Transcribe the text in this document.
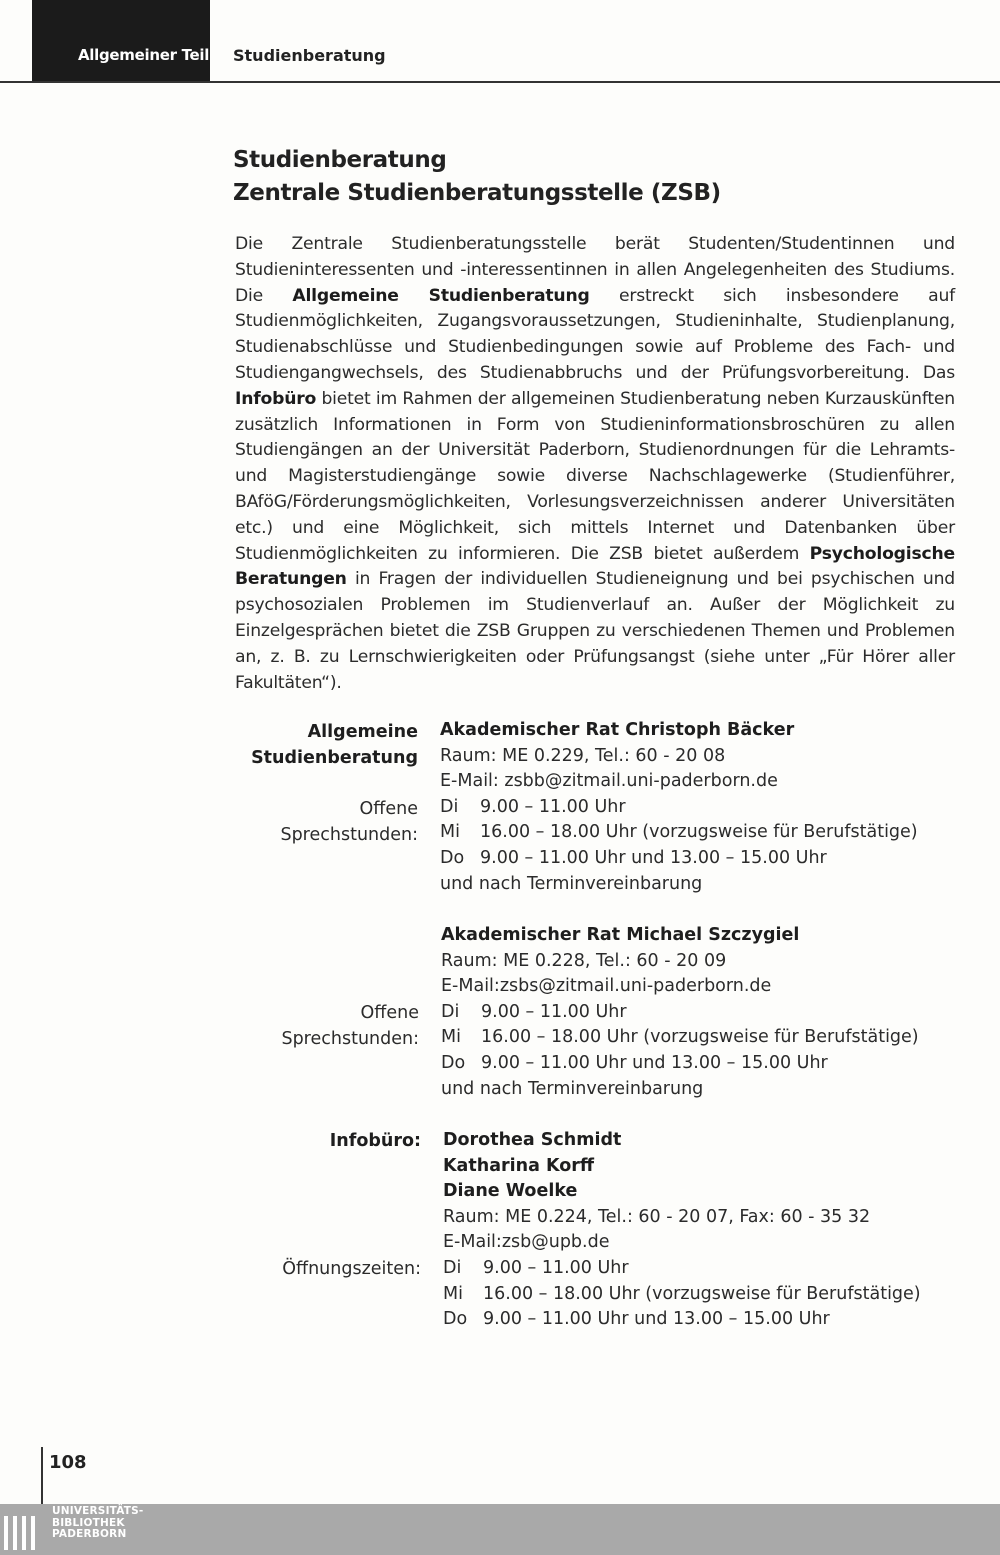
Allgemeiner Teil Studienberatung
Studienberatung
Zentrale Studienberatungsstelle (ZSB)
Die Zentrale Studienberatungsstelle berät Studenten/Studentinnen und Studieninteressenten und -interessentinnen in allen Angelegenheiten des Studiums. Die Allgemeine Studienberatung erstreckt sich insbesondere auf Studienmöglichkeiten, Zugangsvoraussetzungen, Studieninhalte, Studienplanung, Studienabschlüsse und Studienbedingungen sowie auf Probleme des Fach- und Studiengangwechsels, des Studienabbruchs und der Prüfungsvorbereitung. Das Infobüro bietet im Rahmen der allgemeinen Studienberatung neben Kurzauskünften zusätzlich Informationen in Form von Studieninformationsbroschüren zu allen Studiengängen an der Universität Paderborn, Studienordnungen für die Lehramts- und Magisterstudiengänge sowie diverse Nachschlagewerke (Studienführer, BAföG/Förderungsmöglichkeiten, Vorlesungsverzeichnissen anderer Universitäten etc.) und eine Möglichkeit, sich mittels Internet und Datenbanken über Studienmöglichkeiten zu informieren. Die ZSB bietet außerdem Psychologische Beratungen in Fragen der individuellen Studieneignung und bei psychischen und psychosozialen Problemen im Studienverlauf an. Außer der Möglichkeit zu Einzelgesprächen bietet die ZSB Gruppen zu verschiedenen Themen und Problemen an, z. B. zu Lernschwierigkeiten oder Prüfungsangst (siehe unter „Für Hörer aller Fakultäten“).
Allgemeine
Studienberatung
Akademischer Rat Christoph Bäcker
Raum: ME 0.229, Tel.: 60 - 20 08
E-Mail: zsbb@zitmail.uni-paderborn.de
Di 9.00 – 11.00 Uhr
Mi 16.00 – 18.00 Uhr (vorzugsweise für Berufstätige)
Do 9.00 – 11.00 Uhr und 13.00 – 15.00 Uhr
und nach Terminvereinbarung
Offene
Sprechstunden:
Akademischer Rat Michael Szczygiel
Raum: ME 0.228, Tel.: 60 - 20 09
E-Mail:zsbs@zitmail.uni-paderborn.de
Di 9.00 – 11.00 Uhr
Mi 16.00 – 18.00 Uhr (vorzugsweise für Berufstätige)
Do 9.00 – 11.00 Uhr und 13.00 – 15.00 Uhr
und nach Terminvereinbarung
Offene
Sprechstunden:
Infobüro: Dorothea Schmidt
Katharina Korff
Diane Woelke
Raum: ME 0.224, Tel.: 60 - 20 07, Fax: 60 - 35 32
E-Mail:zsb@upb.de
Di 9.00 – 11.00 Uhr
Mi 16.00 – 18.00 Uhr (vorzugsweise für Berufstätige)
Do 9.00 – 11.00 Uhr und 13.00 – 15.00 Uhr
Öffnungszeiten:
108
UNIVERSITÄTS-
BIBLIOTHEK
PADERBORN
